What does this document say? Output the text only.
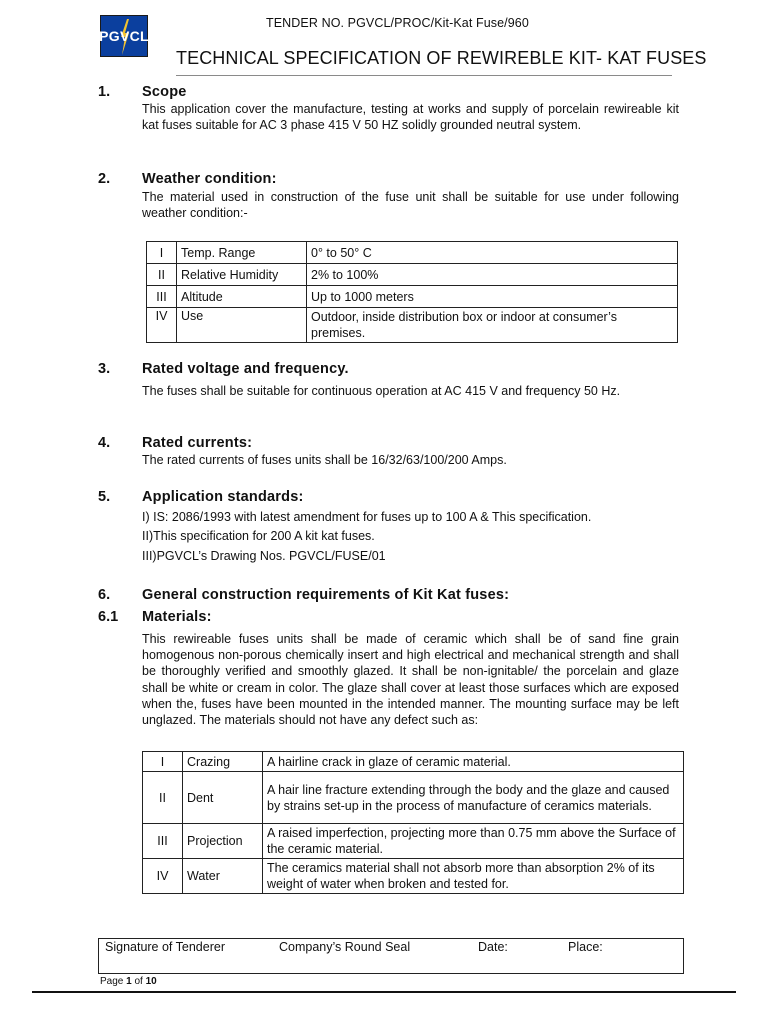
PGVCL
TENDER NO. PGVCL/PROC/Kit-Kat Fuse/960
TECHNICAL SPECIFICATION OF REWIREBLE KIT- KAT FUSES
1. Scope
This application cover the manufacture, testing at works and supply of porcelain rewireable kit kat fuses suitable for AC 3 phase 415 V 50 HZ solidly grounded neutral system.
2. Weather condition:
The material used in construction of the fuse unit shall be suitable for use under following weather condition:-
I	Temp. Range	0° to 50° C
II	Relative Humidity	2% to 100%
III	Altitude	Up to 1000 meters
IV	Use	Outdoor, inside distribution box or indoor at consumer’s premises.
3. Rated voltage and frequency.
The fuses shall be suitable for continuous operation at AC 415 V and frequency 50 Hz.
4. Rated currents:
The rated currents of fuses units shall be 16/32/63/100/200 Amps.
5. Application standards:
I) IS: 2086/1993 with latest amendment for fuses up to 100 A & This specification.
II)This specification for 200 A kit kat fuses.
III)PGVCL’s Drawing Nos. PGVCL/FUSE/01
6. General construction requirements of Kit Kat fuses:
6.1 Materials:
This rewireable fuses units shall be made of ceramic which shall be of sand fine grain homogenous non-porous chemically insert and high electrical and mechanical strength and shall be thoroughly verified and smoothly glazed. It shall be non-ignitable/ the porcelain and glaze shall be white or cream in color. The glaze shall cover at least those surfaces which are exposed when the, fuses have been mounted in the intended manner. The mounting surface may be left unglazed. The materials should not have any defect such as:
I	Crazing	A hairline crack in glaze of ceramic material.
II	Dent	A hair line fracture extending through the body and the glaze and caused by strains set-up in the process of manufacture of ceramics materials.
III	Projection	A raised imperfection, projecting more than 0.75 mm above the Surface of the ceramic material.
IV	Water	The ceramics material shall not absorb more than absorption 2% of its weight of water when broken and tested for.
Signature of Tenderer	Company’s Round Seal	Date:	Place:
Page 1 of 10
